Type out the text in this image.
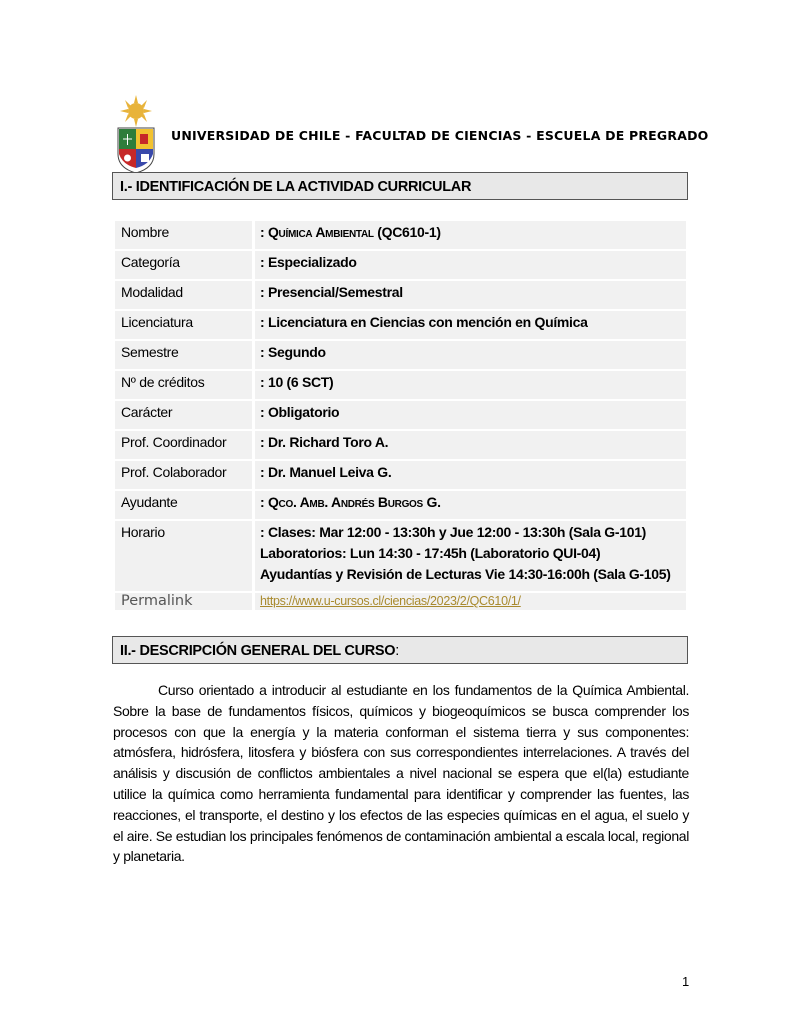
UNIVERSIDAD DE CHILE - FACULTAD DE CIENCIAS - ESCUELA DE PREGRADO
I.- IDENTIFICACIÓN DE LA ACTIVIDAD CURRICULAR
Nombre	: Química Ambiental (QC610-1)
Categoría	: Especializado
Modalidad	: Presencial/Semestral
Licenciatura	: Licenciatura en Ciencias con mención en Química
Semestre	: Segundo
Nº de créditos	: 10 (6 SCT)
Carácter	: Obligatorio
Prof. Coordinador	: Dr. Richard Toro A.
Prof. Colaborador	: Dr. Manuel Leiva G.
Ayudante	: Qco. Amb. Andrés Burgos G.
Horario	: Clases: Mar 12:00 - 13:30h y Jue 12:00 - 13:30h (Sala G-101)
Laboratorios: Lun 14:30 - 17:45h (Laboratorio QUI-04)
Ayudantías y Revisión de Lecturas Vie 14:30-16:00h (Sala G-105)
Permalink	https://www.u-cursos.cl/ciencias/2023/2/QC610/1/
II.- DESCRIPCIÓN GENERAL DEL CURSO:
Curso orientado a introducir al estudiante en los fundamentos de la Química Ambiental. Sobre la base de fundamentos físicos, químicos y biogeoquímicos se busca comprender los procesos con que la energía y la materia conforman el sistema tierra y sus componentes: atmósfera, hidrósfera, litosfera y biósfera con sus correspondientes interrelaciones. A través del análisis y discusión de conflictos ambientales a nivel nacional se espera que el(la) estudiante utilice la química como herramienta fundamental para identificar y comprender las fuentes, las reacciones, el transporte, el destino y los efectos de las especies químicas en el agua, el suelo y el aire. Se estudian los principales fenómenos de contaminación ambiental a escala local, regional y planetaria.
1
